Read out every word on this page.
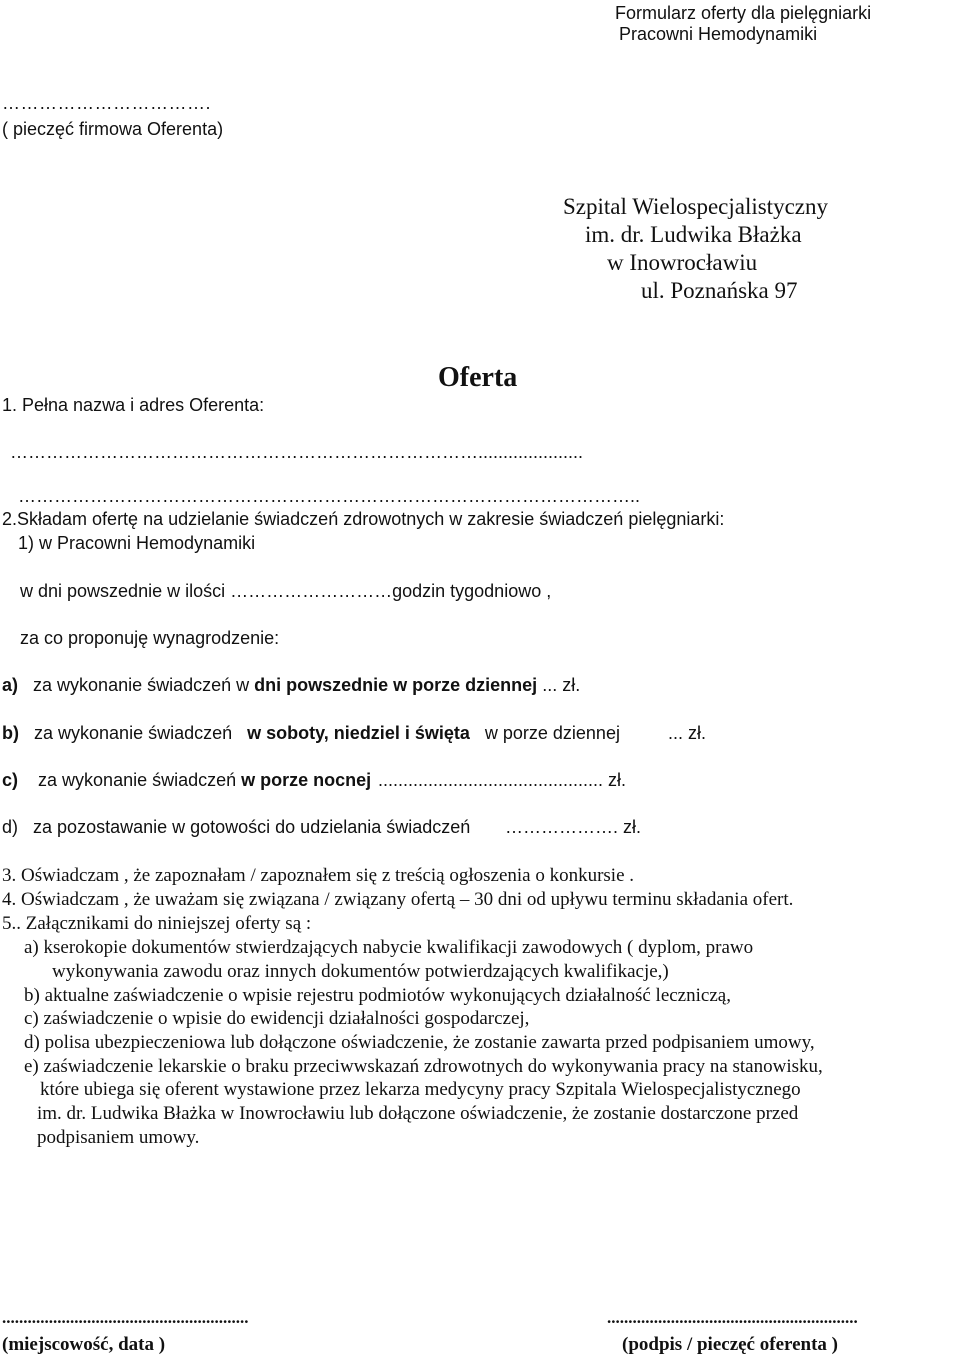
Formularz oferty dla pielęgniarki
Pracowni Hemodynamiki
…………………………….
( pieczęć firmowa Oferenta)
Szpital Wielospecjalistyczny
im. dr. Ludwika Błażka
w Inowrocławiu
ul. Poznańska 97
Oferta
1. Pełna nazwa i adres Oferenta:
…………………………………………………………………….....................
…………………………………………………………………………………………..
2.Składam ofertę na udzielanie świadczeń zdrowotnych w zakresie świadczeń pielęgniarki:
1) w Pracowni Hemodynamiki
w dni powszednie w ilości ………………………godzin tygodniowo ,
za co proponuję wynagrodzenie:
a) za wykonanie świadczeń w dni powszednie w porze dziennej ... zł.
b) za wykonanie świadczeń w soboty, niedziel i święta w porze dziennej	... zł.
c) za wykonanie świadczeń w porze nocnej ............................................. zł.
d) za pozostawanie w gotowości do udzielania świadczeń ………………. zł.
3. Oświadczam , że zapoznałam / zapoznałem się z treścią ogłoszenia o konkursie .
4. Oświadczam , że uważam się związana / związany ofertą – 30 dni od upływu terminu składania ofert.
5.. Załącznikami do niniejszej oferty są :
a) kserokopie dokumentów stwierdzających nabycie kwalifikacji zawodowych ( dyplom, prawo
wykonywania zawodu oraz innych dokumentów potwierdzających kwalifikacje,)
b) aktualne zaświadczenie o wpisie rejestru podmiotów wykonujących działalność leczniczą,
c) zaświadczenie o wpisie do ewidencji działalności gospodarczej,
d) polisa ubezpieczeniowa lub dołączone oświadczenie, że zostanie zawarta przed podpisaniem umowy,
e) zaświadczenie lekarskie o braku przeciwwskazań zdrowotnych do wykonywania pracy na stanowisku,
które ubiega się oferent wystawione przez lekarza medycyny pracy Szpitala Wielospecjalistycznego
im. dr. Ludwika Błażka w Inowrocławiu lub dołączone oświadczenie, że zostanie dostarczone przed
podpisaniem umowy.
..........................................................
(miejscowość, data )
...........................................................
(podpis / pieczęć oferenta )
